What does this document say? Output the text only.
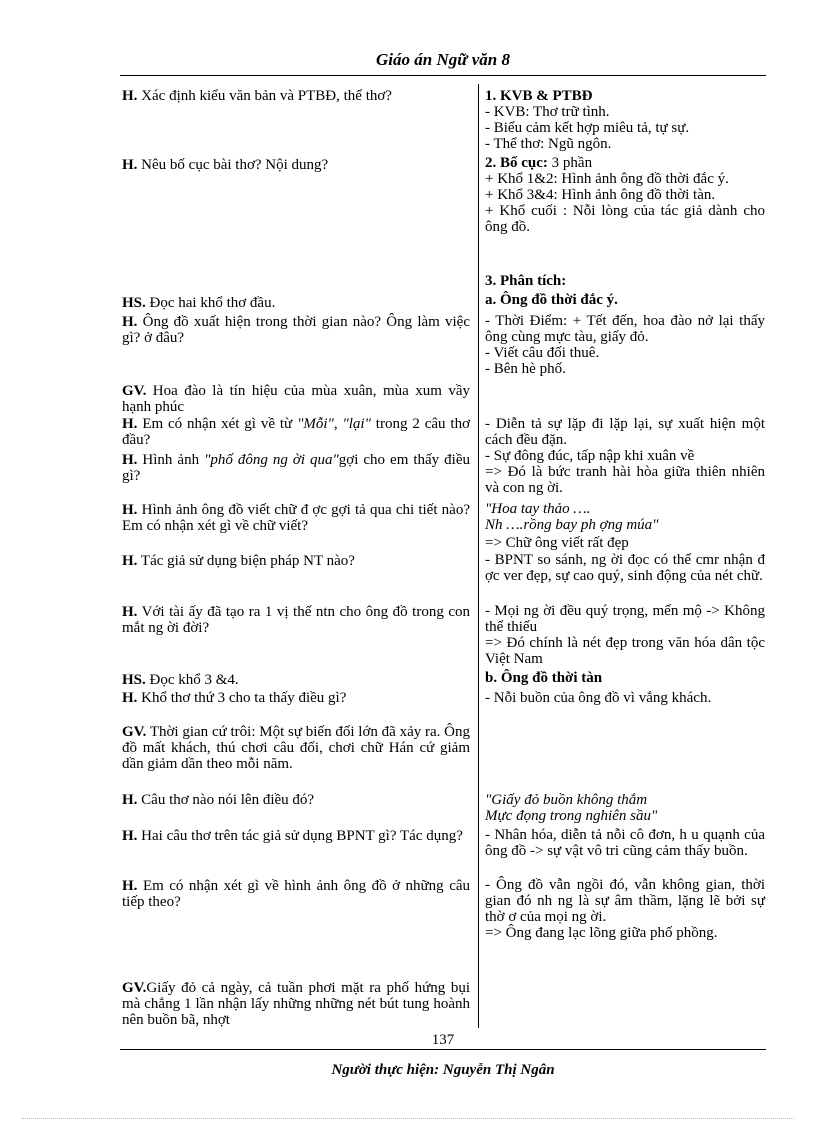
Giáo án Ngữ văn 8
H. Xác định kiểu văn bản và PTBĐ, thể thơ?
H. Nêu bố cục bài thơ? Nội dung?
HS. Đọc hai khổ thơ đầu.
H. Ông đồ xuất hiện trong thời gian nào? Ông làm việc gì? ở đâu?
GV. Hoa đào là tín hiệu của mùa xuân, mùa xum vầy hạnh phúc
H. Em có nhận xét gì về từ "Mỗi", "lại" trong 2 câu thơ đầu?
H. Hình ảnh "phố đông ng ời qua"gợi cho em thấy điều gì?
H. Hình ảnh ông đồ viết chữ đ ợc gợi tả qua chi tiết nào? Em có nhận xét gì về chữ viết?
H. Tác giả sử dụng biện pháp NT nào?
H. Với tài ấy đã tạo ra 1 vị thế ntn cho ông đồ trong con mắt ng ời đời?
HS. Đọc khổ 3 &4.
H. Khổ thơ thứ 3 cho ta thấy điều gì?
GV. Thời gian cứ trôi: Một sự biến đổi lớn đã xảy ra. Ông đồ mất khách, thú chơi câu đối, chơi chữ Hán cứ giảm dần giảm dần theo mỗi năm.
H. Câu thơ nào nói lên điều đó?
H. Hai câu thơ trên tác giả sử dụng BPNT gì? Tác dụng?
H. Em có nhận xét gì về hình ảnh ông đồ ở những câu tiếp theo?
GV.Giấy đỏ cả ngày, cả tuần phơi mặt ra phố hứng bụi mà chẳng 1 lần nhận lấy những những nét bút tung hoành nên buồn bã, nhợt
1. KVB & PTBĐ
- KVB: Thơ trữ tình.
- Biểu cảm kết hợp miêu tả, tự sự.
- Thể thơ: Ngũ ngôn.
2. Bố cục: 3 phần
+ Khổ 1&2: Hình ảnh ông đồ thời đắc ý.
+ Khổ 3&4: Hình ảnh ông đồ thời tàn.
+ Khổ cuối : Nỗi lòng của tác giả dành cho ông đồ.
3. Phân tích:
a. Ông đồ thời đắc ý.
- Thời Điểm: + Tết đến, hoa đào nở lại thấy ông cùng mực tàu, giấy đỏ.
- Viết câu đối thuê.
- Bên hè phố.
- Diễn tả sự lặp đi lặp lại, sự xuất hiện một cách đều đặn.
- Sự đông đúc, tấp nập khi xuân về
=> Đó là bức tranh hài hòa giữa thiên nhiên và con ng ời.
"Hoa tay thảo ….
Nh ….rồng bay ph ợng múa"
=> Chữ ông viết rất đẹp
- BPNT so sánh, ng ời đọc có thể cmr nhận đ ợc ver đẹp, sự cao quý, sinh động của nét chữ.
- Mọi ng ời đều quý trọng, mến mộ -> Không thể thiếu
=> Đó chính là nét đẹp trong văn hóa dân tộc Việt Nam
b. Ông đồ thời tàn
- Nỗi buồn của ông đồ vì vắng khách.
"Giấy đỏ buồn không thắm
Mực đọng trong nghiên sầu"
- Nhân hóa, diễn tả nỗi cô đơn, h u quạnh của ông đồ -> sự vật vô tri cũng cảm thấy buồn.
- Ông đồ vẫn ngồi đó, vẫn không gian, thời gian đó nh ng là sự âm thầm, lặng lẽ bởi sự thờ ơ của mọi ng ời.
=> Ông đang lạc lõng giữa phố phồng.
137
Người thực hiện: Nguyễn Thị Ngân
